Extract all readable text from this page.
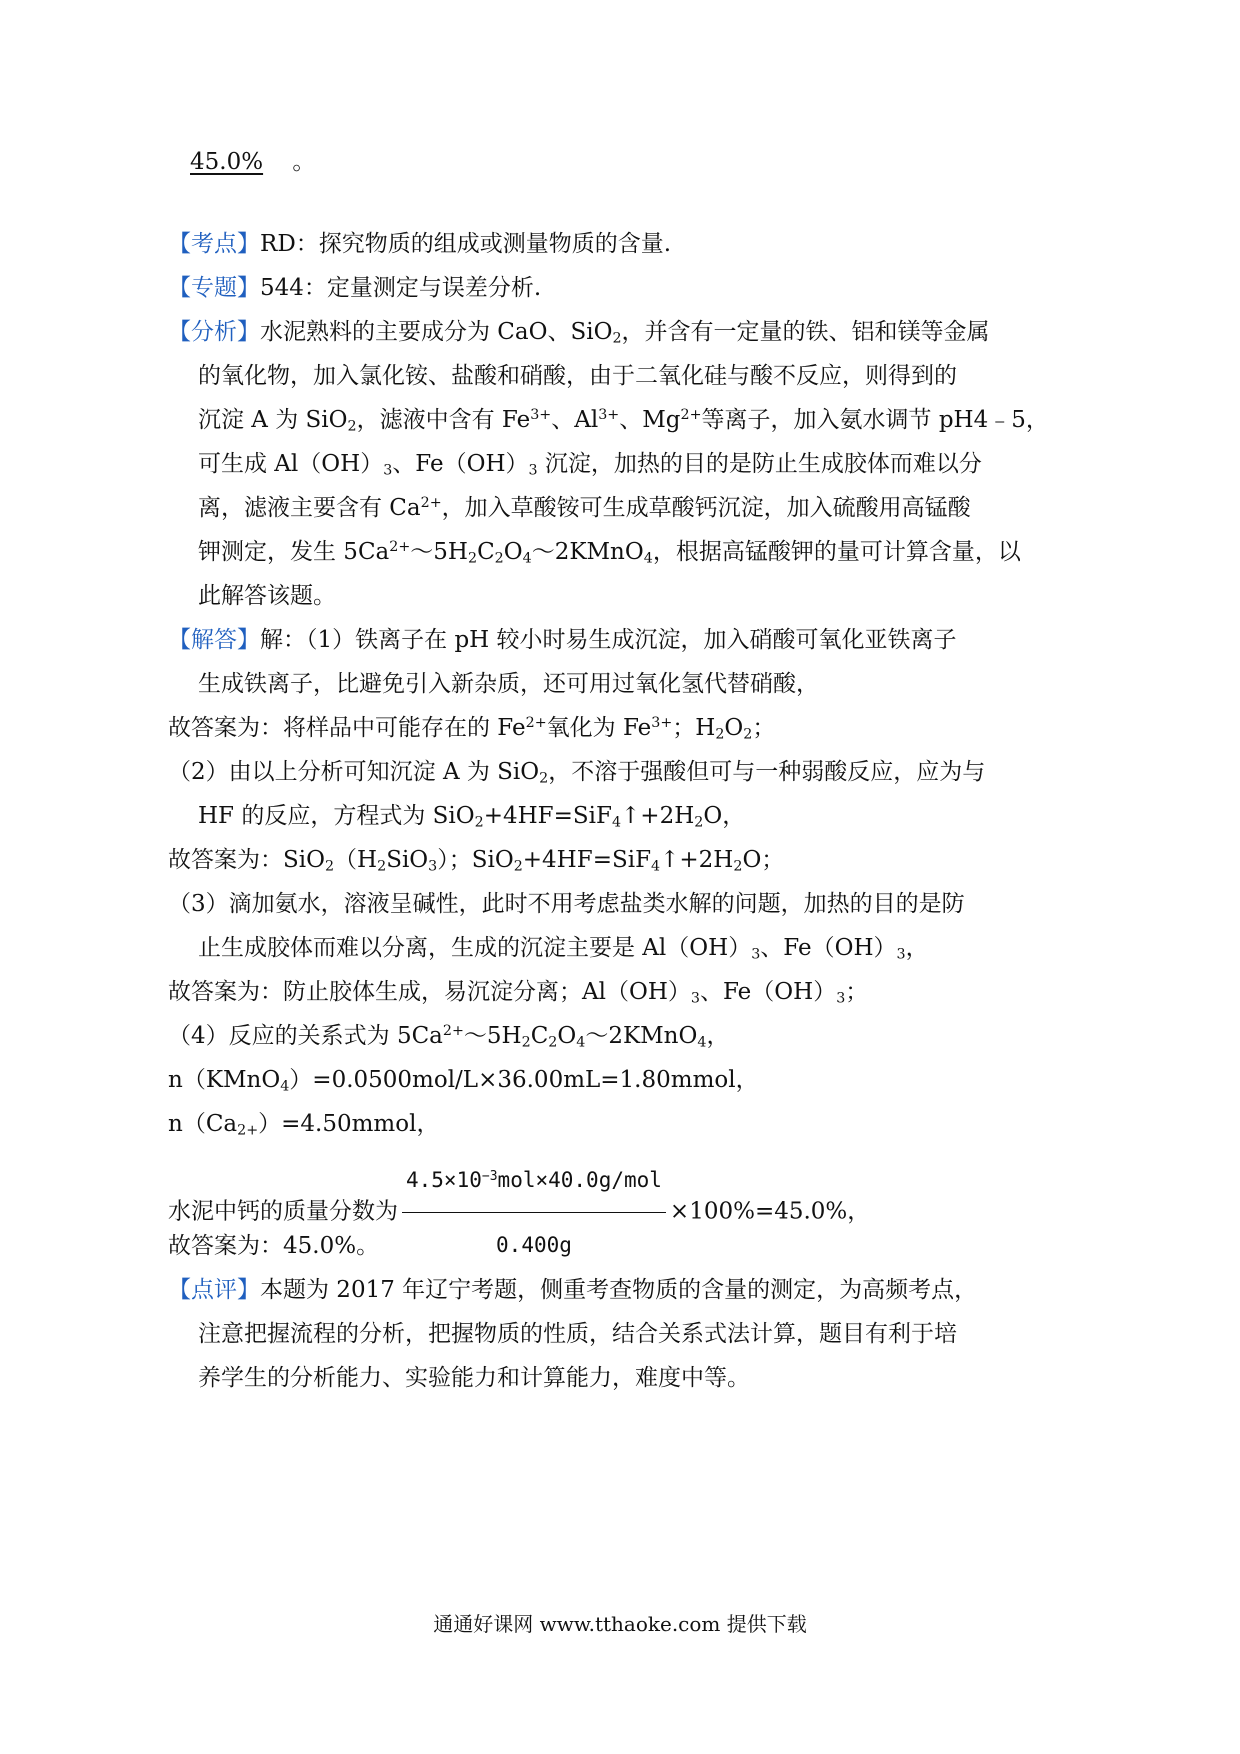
45.0% 。
【考点】RD：探究物质的组成或测量物质的含量.
【专题】544：定量测定与误差分析.
【分析】水泥熟料的主要成分为 CaO、SiO$_2$，并含有一定量的铁、铝和镁等金属
的氧化物，加入氯化铵、盐酸和硝酸，由于二氧化硅与酸不反应，则得到的
沉淀 A 为 SiO$_2$，滤液中含有 $Fe^{3+}$、$Al^{3+}$、$Mg^{2+}$等离子，加入氨水调节 pH4﹣5，
可生成 $Al(OH)_3$、$Fe(OH)_3$ 沉淀，加热的目的是防止生成胶体而难以分
离，滤液主要含有 $Ca^{2+}$，加入草酸铵可生成草酸钙沉淀，加入硫酸用高锰酸
钾测定，发生 $5Ca^{2+}\sim 5H_2C_2O_4\sim 2KMnO_4$，根据高锰酸钾的量可计算含量，以
此解答该题。
【解答】解：（1）铁离子在 pH 较小时易生成沉淀，加入硝酸可氧化亚铁离子
生成铁离子，比避免引入新杂质，还可用过氧化氢代替硝酸，
故答案为：将样品中可能存在的 $Fe^{2+}$氧化为 $Fe^{3+}$；$H_2O_2$；
（2）由以上分析可知沉淀 A 为 SiO$_2$，不溶于强酸但可与一种弱酸反应，应为与
HF 的反应，方程式为 $SiO_2+4HF=SiF_4↑+2H_2O$，
故答案为：$SiO_2(H_2SiO_3)$；$SiO_2+4HF=SiF_4↑+2H_2O$；
（3）滴加氨水，溶液呈碱性，此时不用考虑盐类水解的问题，加热的目的是防
止生成胶体而难以分离，生成的沉淀主要是 $Al(OH)_3$、$Fe(OH)_3$，
故答案为：防止胶体生成，易沉淀分离；$Al(OH)_3$、$Fe(OH)_3$；
（4）反应的关系式为 $5Ca^{2+}\sim 5H_2C_2O_4\sim 2KMnO_4$，
n（KMnO$_4$）=0.0500mol/L×36.00mL=1.80mmol，
$n(Ca_{2+})=4.50mmol$，
水泥中钙的质量分数为 $\frac{4.5\times 10^{-3}mol\times 40.0g/mol}{0.400g} \times 100\%=45.0\%$，
故答案为：45.0%。
【点评】本题为 2017 年辽宁考题，侧重考查物质的含量的测定，为高频考点，
注意把握流程的分析，把握物质的性质，结合关系式法计算，题目有利于培
养学生的分析能力、实验能力和计算能力，难度中等。
通通好课网 www.tthaoke.com 提供下载
